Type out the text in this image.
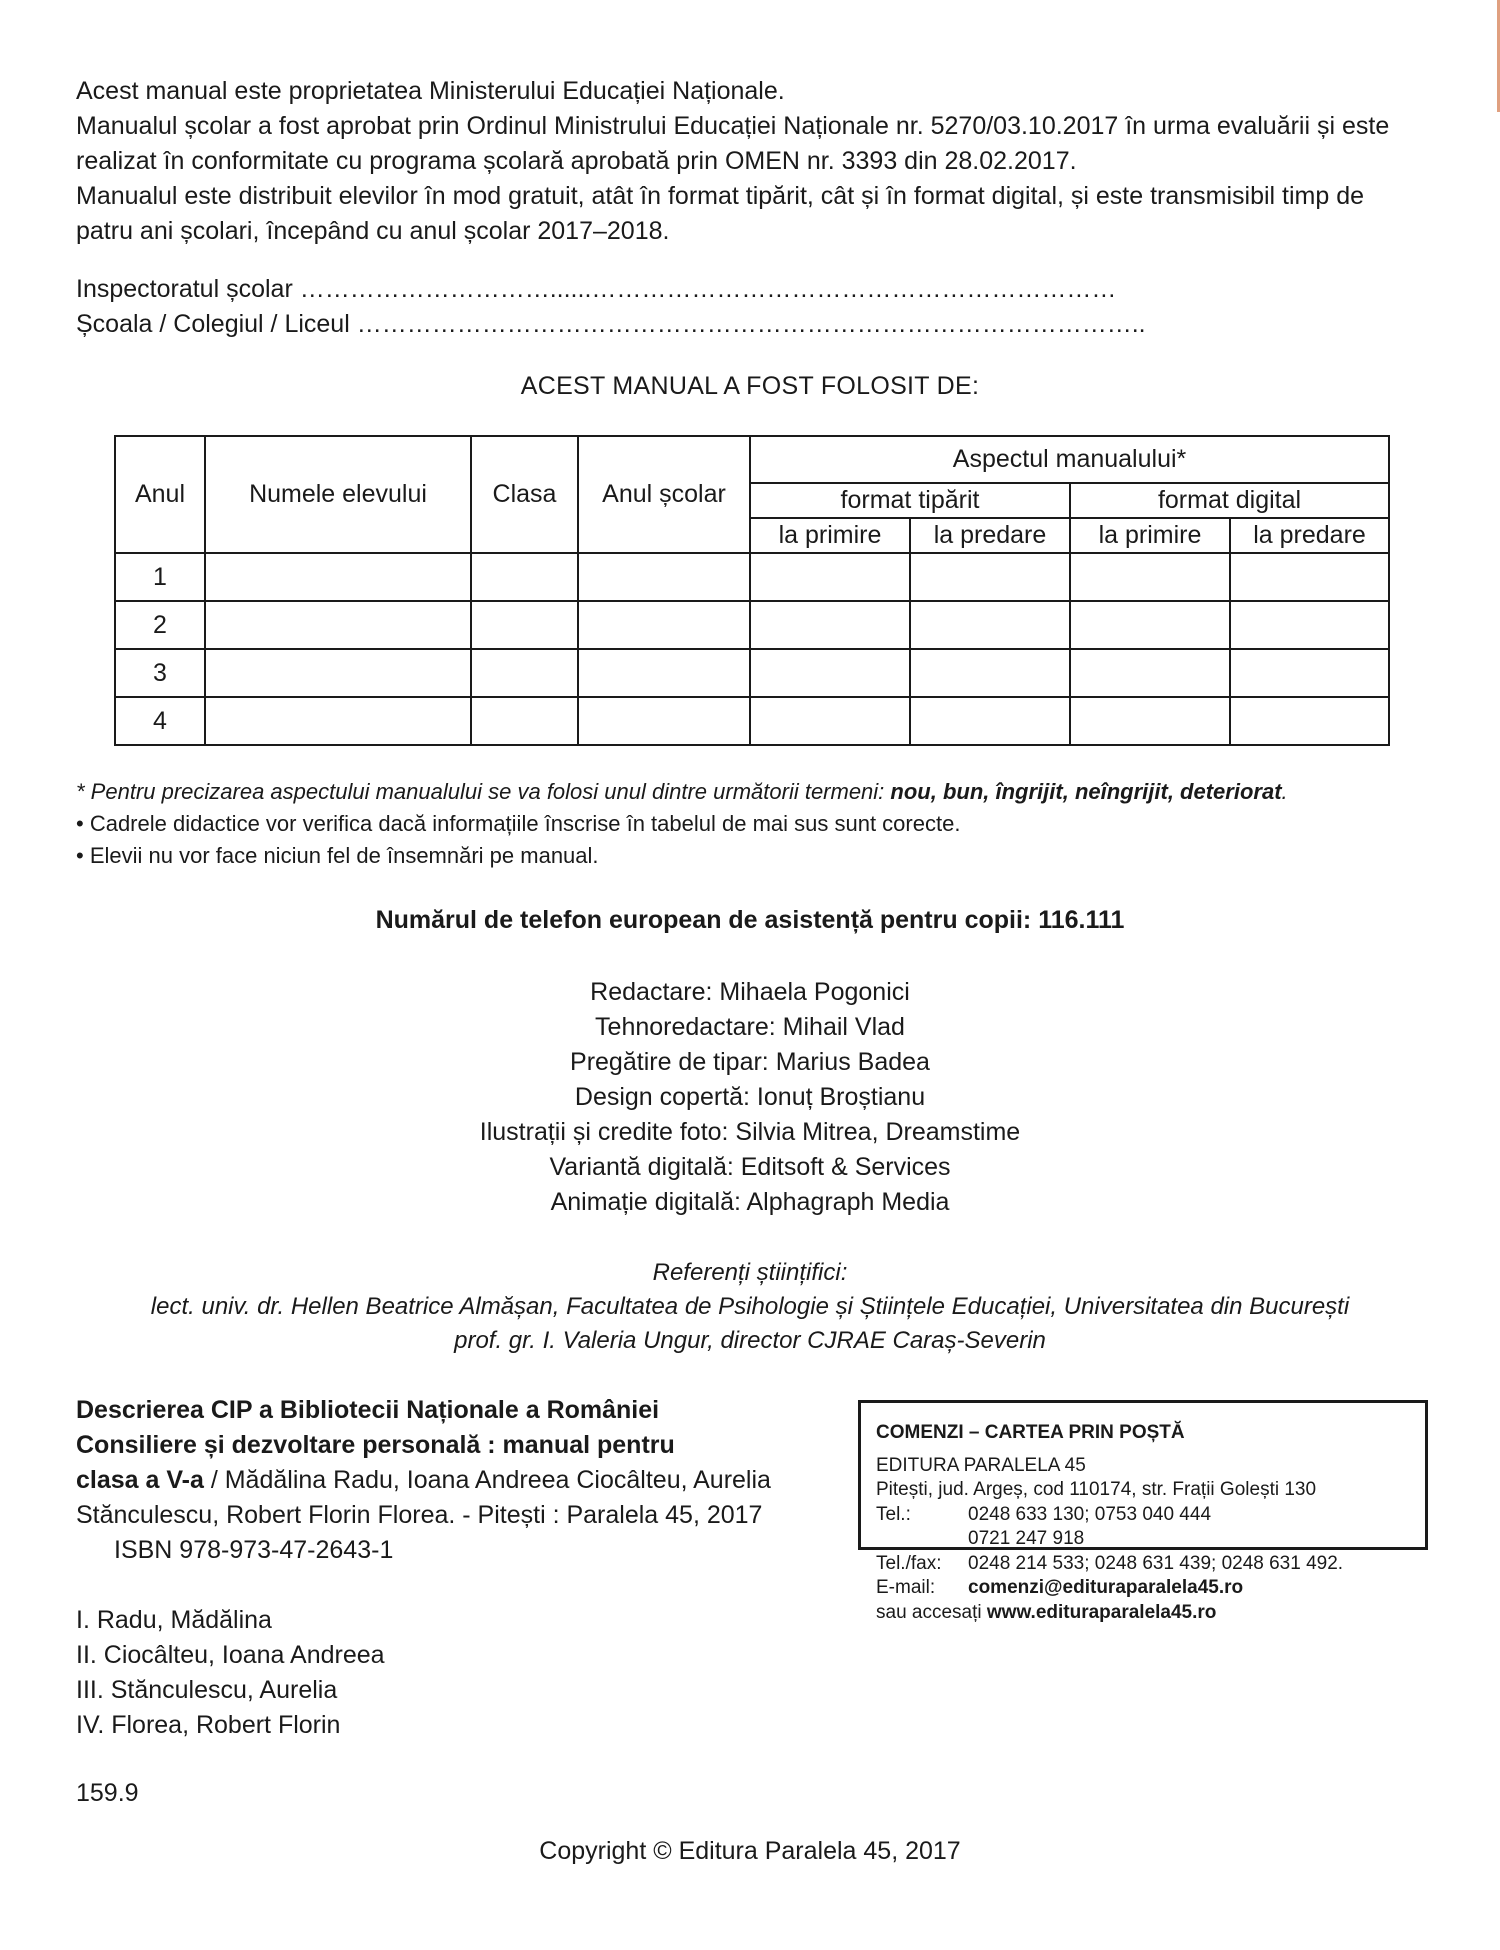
Acest manual este proprietatea Ministerului Educației Naționale.

Manualul școlar a fost aprobat prin Ordinul Ministrului Educației Naționale nr. 5270/03.10.2017 în urma evaluării și este realizat în conformitate cu programa școlară aprobată prin OMEN nr. 3393 din 28.02.2017.

Manualul este distribuit elevilor în mod gratuit, atât în format tipărit, cât și în format digital, și este transmisibil timp de patru ani școlari, începând cu anul școlar 2017–2018.

Inspectoratul școlar …………………………......………………………………………………………

Școala / Colegiul / Liceul …………………………………………………………………………………..

ACEST MANUAL A FOST FOLOSIT DE:
Anul	Numele elevului	Clasa	Anul școlar	Aspectul manualului*			
				format tipărit		format digital	
				la primire	la predare	la primire	la predare
1							
2							
3							
4							

* Pentru precizarea aspectului manualului se va folosi unul dintre următorii termeni: nou, bun, îngrijit, neîngrijit, deteriorat.

• Cadrele didactice vor verifica dacă informațiile înscrise în tabelul de mai sus sunt corecte.

• Elevii nu vor face niciun fel de însemnări pe manual.

Numărul de telefon european de asistență pentru copii: 116.111

Redactare: Mihaela Pogonici

Tehnoredactare: Mihail Vlad

Pregătire de tipar: Marius Badea

Design copertă: Ionuț Broștianu

Ilustrații și credite foto: Silvia Mitrea, Dreamstime

Variantă digitală: Editsoft & Services

Animație digitală: Alphagraph Media

Referenți științifici:

lect. univ. dr. Hellen Beatrice Almășan, Facultatea de Psihologie și Științele Educației, Universitatea din București

prof. gr. I. Valeria Ungur, director CJRAE Caraș-Severin

Descrierea CIP a Bibliotecii Naționale a României

Consiliere și dezvoltare personală : manual pentru

clasa a V-a / Mădălina Radu, Ioana Andreea Ciocâlteu, Aurelia

Stănculescu, Robert Florin Florea. - Pitești : Paralela 45, 2017

ISBN 978-973-47-2643-1

I. Radu, Mădălina

II. Ciocâlteu, Ioana Andreea

III. Stănculescu, Aurelia

IV. Florea, Robert Florin

159.9

COMENZI – CARTEA PRIN POȘTĂ

EDITURA PARALELA 45

Pitești, jud. Argeș, cod 110174, str. Frații Golești 130

Tel.:	0248 633 130; 0753 040 444

0721 247 918

Tel./fax: 0248 214 533; 0248 631 439; 0248 631 492.

E-mail: comenzi@edituraparalela45.ro

sau accesați www.edituraparalela45.ro

Copyright © Editura Paralela 45, 2017
